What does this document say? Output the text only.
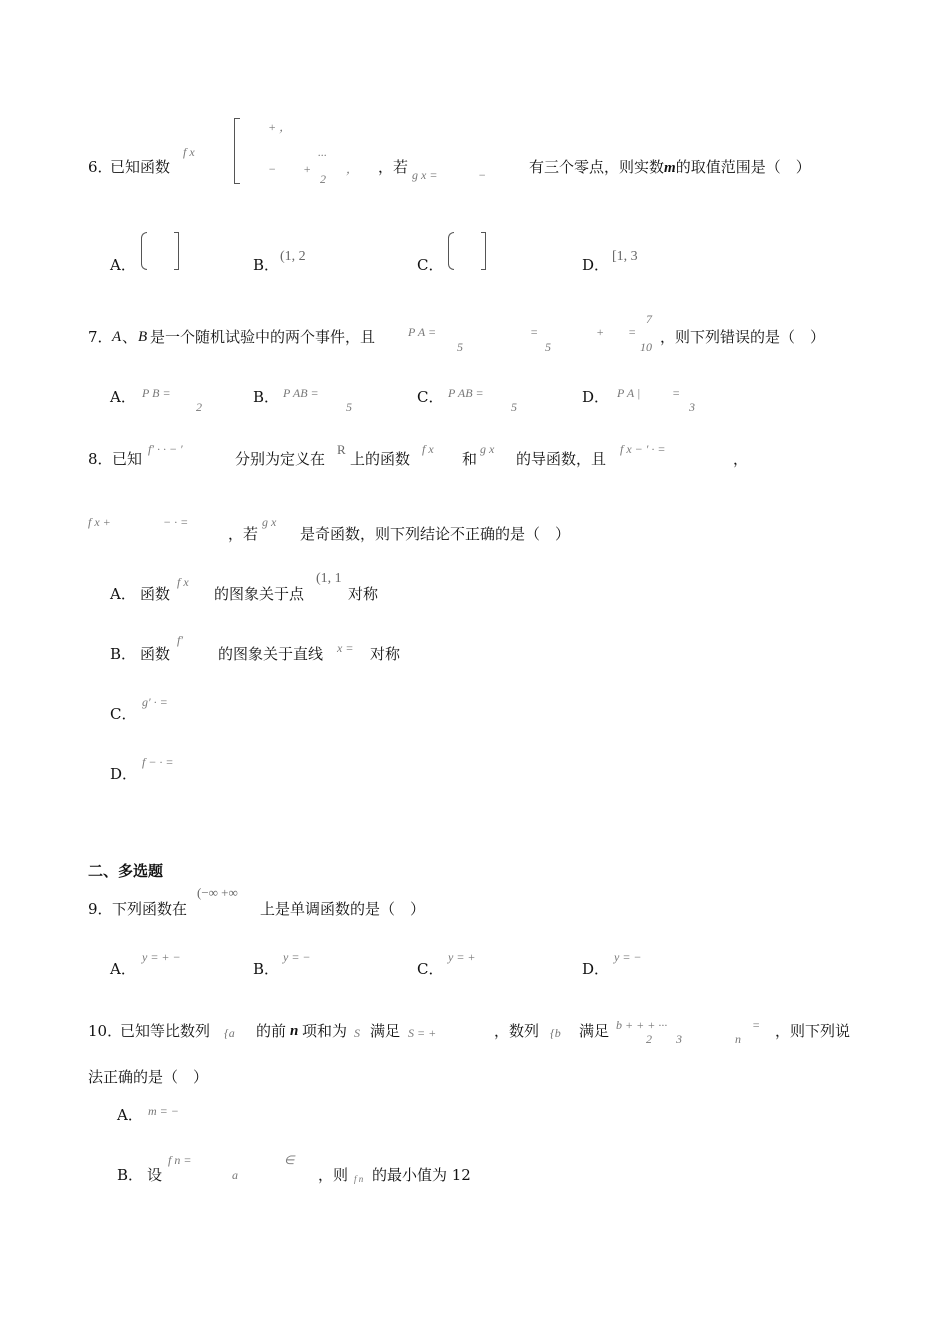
6．
已知函数
f x
+ ，
− +
...
2
， ，若 g x =	−	有三个零点，则实数m的取值范围是（　）
A．	B． (1, 2	C．	D． [1, 3
7． A 、 B 是一个随机试验中的两个事件，且	P A =
5
=
5
+ =
7
10
，则下列错误的是（　）
A． P B =
2
B． P AB =
5
C． P AB =
5
D． P A |	=
3
8． 已知
f′ · · − ′
分别为定义在
R
上的函数
f x
和
g x
的导函数，且
f x − ′ · =
，
f x +	− · =
，若
g x
是奇函数，则下列结论不正确的是（　）
A． 函数
f x
的图象关于点
(1, 1
对称
B． 函数
f′
的图象关于直线 x = 对称
C．
g′ · =
D．
f − · =
二、多选题
9． 下列函数在
(−∞ +∞
上是单调函数的是（　）
A．
y = + −
B．
y = −
C．
y = +
D．
y = −
10．
已知等比数列 {a 的前 n 项和为 S 满足 S = +	，数列 {b 满足 b + + + ···
2 3	n
= ，则下列说
法正确的是（　）
A． m = −
B． 设
f n =
a
∈
，则 f n 的最小值为 12
